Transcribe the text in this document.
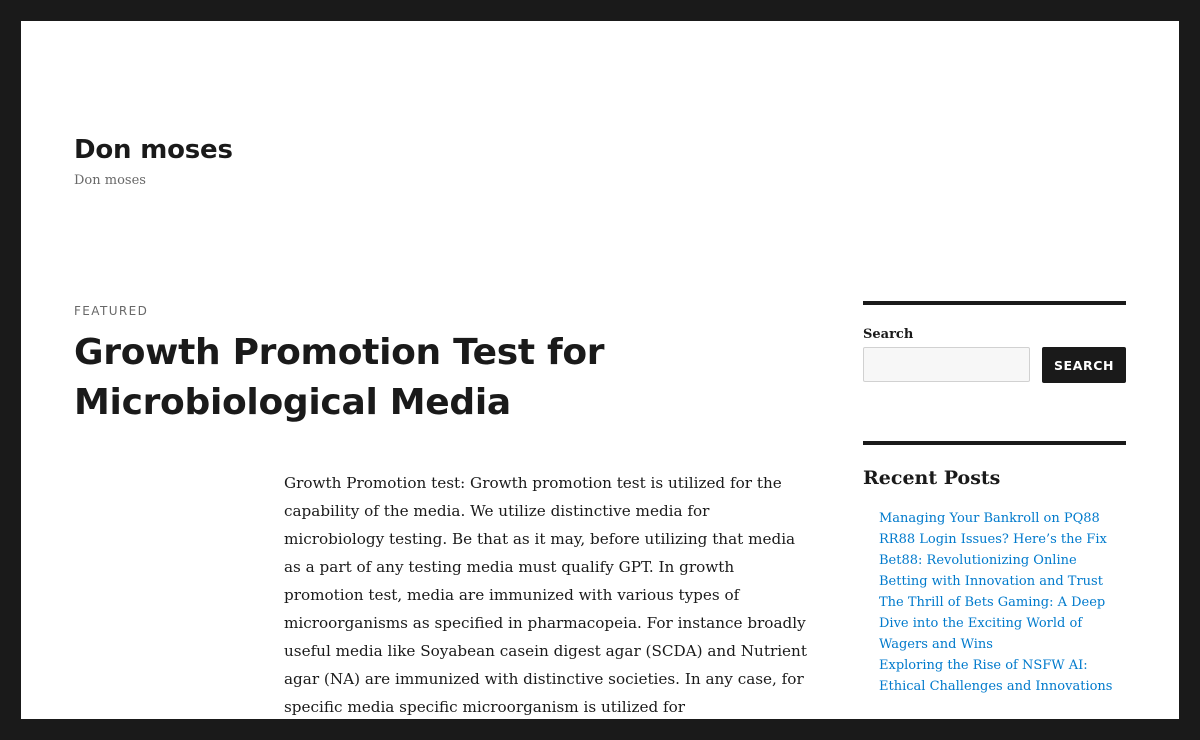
Don moses
Don moses
FEATURED
Growth Promotion Test for Microbiological Media

Growth Promotion test: Growth promotion test is utilized for the capability of the media. We utilize distinctive media for microbiology testing. Be that as it may, before utilizing that media as a part of any testing media must qualify GPT. In growth promotion test, media are immunized with various types of microorganisms as specified in pharmacopeia. For instance broadly useful media like Soyabean casein digest agar (SCDA) and Nutrient agar (NA) are immunized with distinctive societies. In any case, for specific media specific microorganism is utilized for

Search
SEARCH
Recent Posts
Managing Your Bankroll on PQ88
RR88 Login Issues? Here’s the Fix
Bet88: Revolutionizing Online Betting with Innovation and Trust
The Thrill of Bets Gaming: A Deep Dive into the Exciting World of Wagers and Wins
Exploring the Rise of NSFW AI: Ethical Challenges and Innovations
